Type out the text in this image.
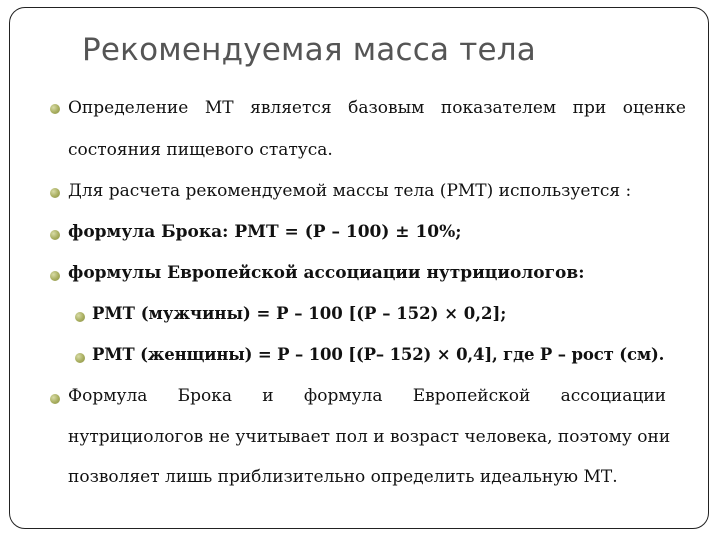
Рекомендуемая масса тела
Определение МТ является базовым показателем при оценке
состояния пищевого статуса.
Для расчета рекомендуемой массы тела (РМТ) используется :
формула Брока: РМТ = (Р – 100) ± 10%;
формулы Европейской ассоциации нутрициологов:
РМТ (мужчины) = Р – 100 [(Р – 152) × 0,2];
РМТ (женщины) = Р – 100 [(Р– 152) × 0,4], где Р – рост (см).
Формула Брока и формула Европейской ассоциации
нутрициологов не учитывает пол и возраст человека, поэтому они
позволяет лишь приблизительно определить идеальную МТ.
